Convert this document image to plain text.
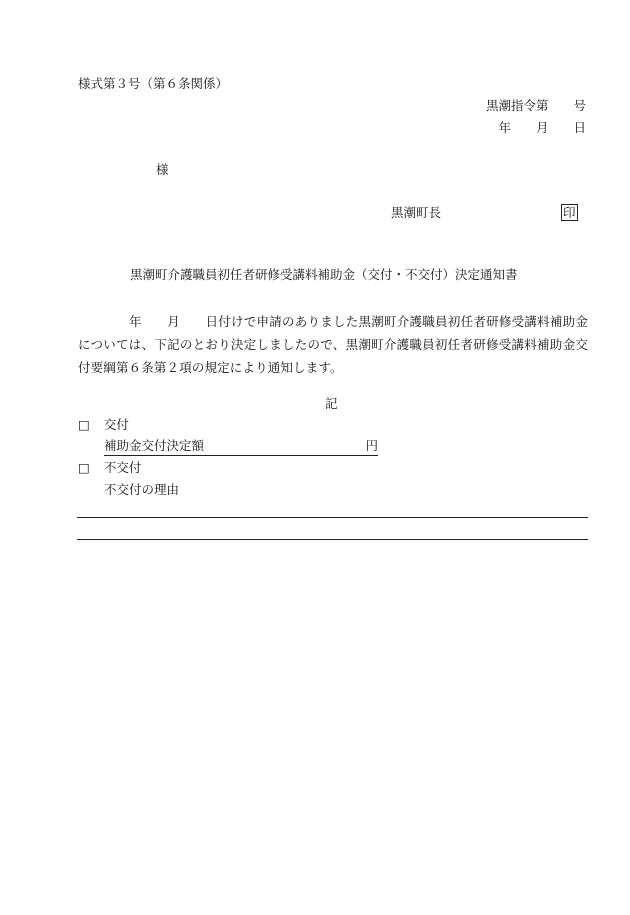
様式第３号（第６条関係）
黒潮指令第　　号
年　　月　　日
様
黒潮町長	印
黒潮町介護職員初任者研修受講料補助金（交付・不交付）決定通知書
　　　　年　　月　　日付けで申請のありました黒潮町介護職員初任者研修受講料補助金については、下記のとおり決定しましたので、黒潮町介護職員初任者研修受講料補助金交付要綱第６条第２項の規定により通知します。
記
□ 交付
補助金交付決定額	円
□ 不交付
不交付の理由
